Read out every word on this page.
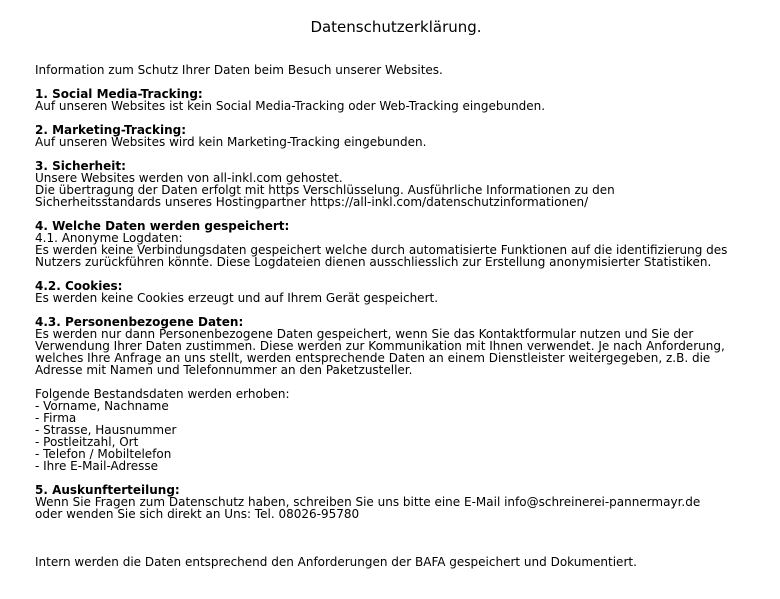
Datenschutzerklärung.
Information zum Schutz Ihrer Daten beim Besuch unserer Websites.
1. Social Media-Tracking:
Auf unseren Websites ist kein Social Media-Tracking oder Web-Tracking eingebunden.
2. Marketing-Tracking:
Auf unseren Websites wird kein Marketing-Tracking eingebunden.
3. Sicherheit:
Unsere Websites werden von all-inkl.com gehostet.
Die übertragung der Daten erfolgt mit https Verschlüsselung. Ausführliche Informationen zu den
Sicherheitsstandards unseres Hostingpartner https://all-inkl.com/datenschutzinformationen/
4. Welche Daten werden gespeichert:
4.1. Anonyme Logdaten:
Es werden keine Verbindungsdaten gespeichert welche durch automatisierte Funktionen auf die identifizierung des
Nutzers zurückführen könnte. Diese Logdateien dienen ausschliesslich zur Erstellung anonymisierter Statistiken.
4.2. Cookies:
Es werden keine Cookies erzeugt und auf Ihrem Gerät gespeichert.
4.3. Personenbezogene Daten:
Es werden nur dann Personenbezogene Daten gespeichert, wenn Sie das Kontaktformular nutzen und Sie der
Verwendung Ihrer Daten zustimmen. Diese werden zur Kommunikation mit Ihnen verwendet. Je nach Anforderung,
welches Ihre Anfrage an uns stellt, werden entsprechende Daten an einem Dienstleister weitergegeben, z.B. die
Adresse mit Namen und Telefonnummer an den Paketzusteller.
Folgende Bestandsdaten werden erhoben:
- Vorname, Nachname
- Firma
- Strasse, Hausnummer
- Postleitzahl, Ort
- Telefon / Mobiltelefon
- Ihre E-Mail-Adresse
5. Auskunfterteilung:
Wenn Sie Fragen zum Datenschutz haben, schreiben Sie uns bitte eine E-Mail info@schreinerei-pannermayr.de
oder wenden Sie sich direkt an Uns: Tel. 08026-95780
Intern werden die Daten entsprechend den Anforderungen der BAFA gespeichert und Dokumentiert.
